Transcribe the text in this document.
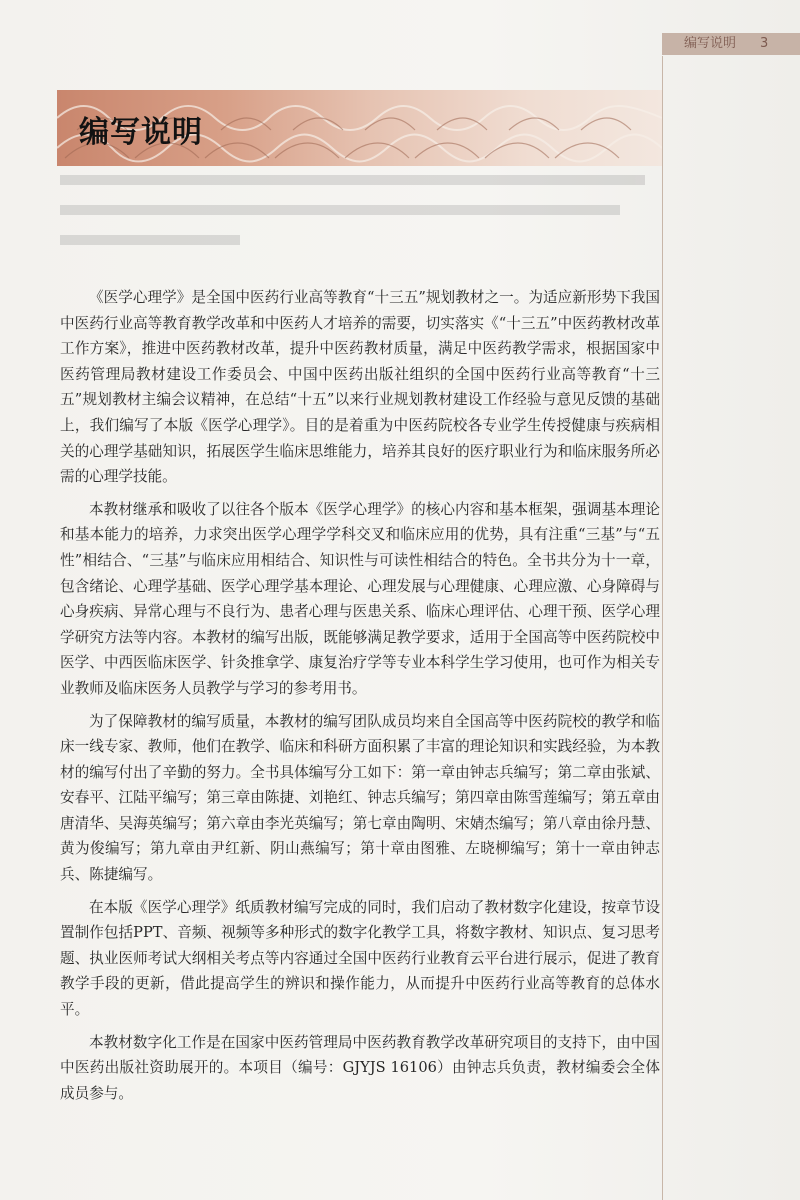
编写说明 3
编写说明

《医学心理学》是全国中医药行业高等教育“十三五”规划教材之一。为适应新形势下我国中医药行业高等教育教学改革和中医药人才培养的需要，切实落实《“十三五”中医药教材改革工作方案》，推进中医药教材改革，提升中医药教材质量，满足中医药教学需求，根据国家中医药管理局教材建设工作委员会、中国中医药出版社组织的全国中医药行业高等教育“十三五”规划教材主编会议精神，在总结“十五”以来行业规划教材建设工作经验与意见反馈的基础上，我们编写了本版《医学心理学》。目的是着重为中医药院校各专业学生传授健康与疾病相关的心理学基础知识，拓展医学生临床思维能力，培养其良好的医疗职业行为和临床服务所必需的心理学技能。

本教材继承和吸收了以往各个版本《医学心理学》的核心内容和基本框架，强调基本理论和基本能力的培养，力求突出医学心理学学科交叉和临床应用的优势，具有注重“三基”与“五性”相结合、“三基”与临床应用相结合、知识性与可读性相结合的特色。全书共分为十一章，包含绪论、心理学基础、医学心理学基本理论、心理发展与心理健康、心理应激、心身障碍与心身疾病、异常心理与不良行为、患者心理与医患关系、临床心理评估、心理干预、医学心理学研究方法等内容。本教材的编写出版，既能够满足教学要求，适用于全国高等中医药院校中医学、中西医临床医学、针灸推拿学、康复治疗学等专业本科学生学习使用，也可作为相关专业教师及临床医务人员教学与学习的参考用书。

为了保障教材的编写质量，本教材的编写团队成员均来自全国高等中医药院校的教学和临床一线专家、教师，他们在教学、临床和科研方面积累了丰富的理论知识和实践经验，为本教材的编写付出了辛勤的努力。全书具体编写分工如下：第一章由钟志兵编写；第二章由张斌、安春平、江陆平编写；第三章由陈捷、刘艳红、钟志兵编写；第四章由陈雪莲编写；第五章由唐清华、吴海英编写；第六章由李光英编写；第七章由陶明、宋婧杰编写；第八章由徐丹慧、黄为俊编写；第九章由尹红新、阴山燕编写；第十章由图雅、左晓柳编写；第十一章由钟志兵、陈捷编写。

在本版《医学心理学》纸质教材编写完成的同时，我们启动了教材数字化建设，按章节设置制作包括PPT、音频、视频等多种形式的数字化教学工具，将数字教材、知识点、复习思考题、执业医师考试大纲相关考点等内容通过全国中医药行业教育云平台进行展示，促进了教育教学手段的更新，借此提高学生的辨识和操作能力，从而提升中医药行业高等教育的总体水平。

本教材数字化工作是在国家中医药管理局中医药教育教学改革研究项目的支持下，由中国中医药出版社资助展开的。本项目（编号：GJYJS 16106）由钟志兵负责，教材编委会全体成员参与。
